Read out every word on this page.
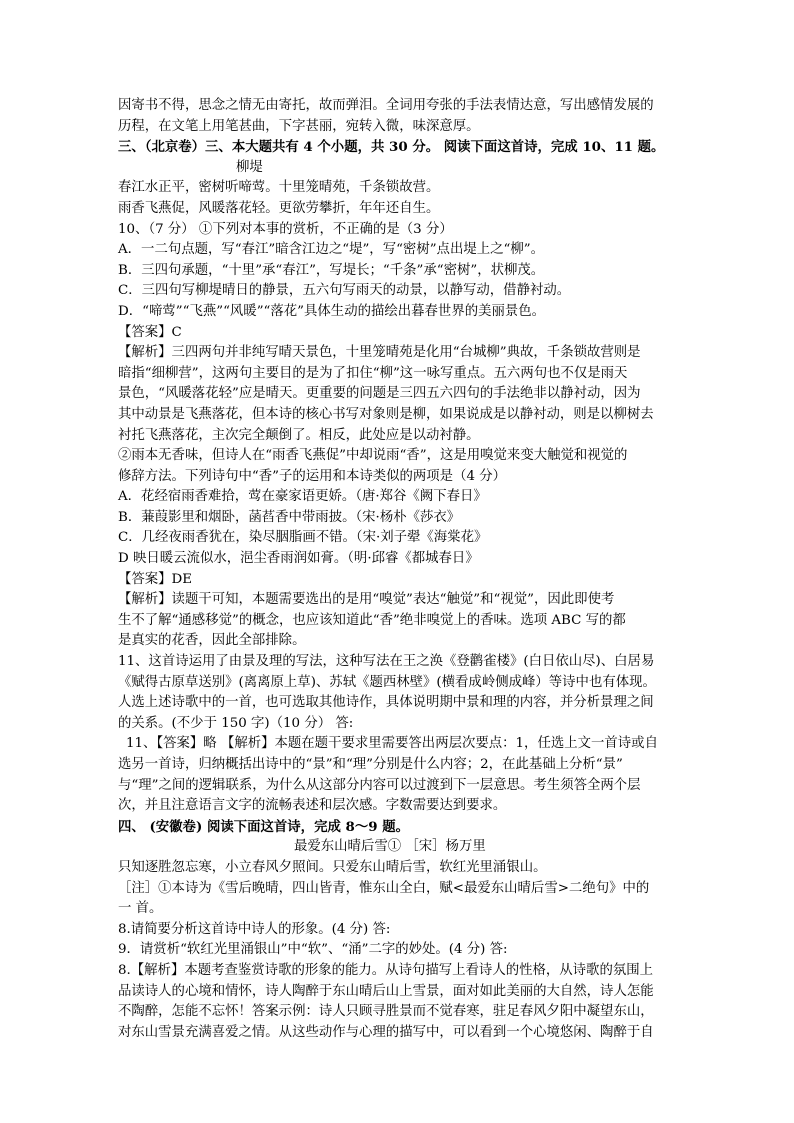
因寄书不得，思念之情无由寄托，故而弹泪。全词用夸张的手法表情达意，写出感情发展的

历程，在文笔上用笔甚曲，下字甚丽，宛转入微，味深意厚。

三、（北京卷）三、本大题共有 4 个小题，共 30 分。 阅读下面这首诗，完成 10、11 题。

柳堤

春江水正平，密树听啼莺。十里笼晴苑，千条锁故营。

雨香飞燕促，风暖落花轻。更欲劳攀折，年年还自生。

10、（7 分） ①下列对本事的赏析，不正确的是（3 分）

A．一二句点题，写“春江”暗含江边之“堤”，写“密树”点出堤上之“柳”。

B．三四句承题，“十里”承“春江”，写堤长；“千条”承“密树”，状柳茂。

C．三四句写柳堤晴日的静景，五六句写雨天的动景，以静写动，借静衬动。

D．“啼莺”“飞燕”“风暖”“落花”具体生动的描绘出暮春世界的美丽景色。

【答案】C

【解析】三四两句并非纯写晴天景色，十里笼晴苑是化用“台城柳”典故，千条锁故营则是

暗指“细柳营”，这两句主要目的是为了扣住“柳”这一咏写重点。五六两句也不仅是雨天

景色，“风暖落花轻”应是晴天。更重要的问题是三四五六四句的手法绝非以静衬动，因为

其中动景是飞燕落花，但本诗的核心书写对象则是柳，如果说成是以静衬动，则是以柳树去

衬托飞燕落花，主次完全颠倒了。相反，此处应是以动衬静。

②雨本无香味，但诗人在“雨香飞燕促”中却说雨“香”，这是用嗅觉来变大触觉和视觉的

修辞方法。下列诗句中“香”子的运用和本诗类似的两项是（4 分）

A．花经宿雨香难拾，莺在豪家语更娇。（唐·郑谷《阙下春日》

B．蒹葭影里和烟卧，菡萏香中带雨披。（宋·杨朴《莎衣》

C．几经夜雨香犹在，染尽胭脂画不错。（宋·刘子翚《海棠花》

D 映日暖云流似水，浥尘香雨润如膏。（明·邱睿《都城春日》

【答案】DE

【解析】读题干可知，本题需要选出的是用“嗅觉”表达“触觉”和“视觉”，因此即使考

生不了解“通感移觉”的概念，也应该知道此“香”绝非嗅觉上的香味。选项 ABC 写的都

是真实的花香，因此全部排除。

11、这首诗运用了由景及理的写法，这种写法在王之涣《登鹳雀楼》(白日依山尽)、白居易

《赋得古原草送别》(离离原上草)、苏轼《题西林壁》(横看成岭侧成峰）等诗中也有体现。

人选上述诗歌中的一首，也可选取其他诗作，具体说明期中景和理的内容，并分析景理之间

的关系。(不少于 150 字)（10 分） 答:

11、【答案】略 【解析】本题在题干要求里需要答出两层次要点：1，任选上文一首诗或自

选另一首诗，归纳概括出诗中的“景”和“理”分别是什么内容；2，在此基础上分析“景”

与“理”之间的逻辑联系，为什么从这部分内容可以过渡到下一层意思。考生须答全两个层

次，并且注意语言文字的流畅表述和层次感。字数需要达到要求。

四、 (安徽卷) 阅读下面这首诗，完成 8～9 题。

最爱东山晴后雪① ［宋］杨万里

只知逐胜忽忘寒，小立春风夕照间。只爱东山晴后雪，软红光里涌银山。

［注］①本诗为《雪后晚晴，四山皆青，惟东山全白，赋<最爱东山晴后雪>二绝句》中的

一 首。

8.请简要分析这首诗中诗人的形象。(4 分) 答:

9．请赏析“软红光里涌银山”中“软”、“涌”二字的妙处。(4 分) 答:

8.【解析】本题考查鉴赏诗歌的形象的能力。从诗句描写上看诗人的性格，从诗歌的氛围上

品读诗人的心境和情怀，诗人陶醉于东山晴后山上雪景，面对如此美丽的大自然，诗人怎能

不陶醉，怎能不忘怀！答案示例：诗人只顾寻胜景而不觉春寒，驻足春风夕阳中凝望东山，

对东山雪景充满喜爱之情。从这些动作与心理的描写中，可以看到一个心境悠闲、陶醉于自
